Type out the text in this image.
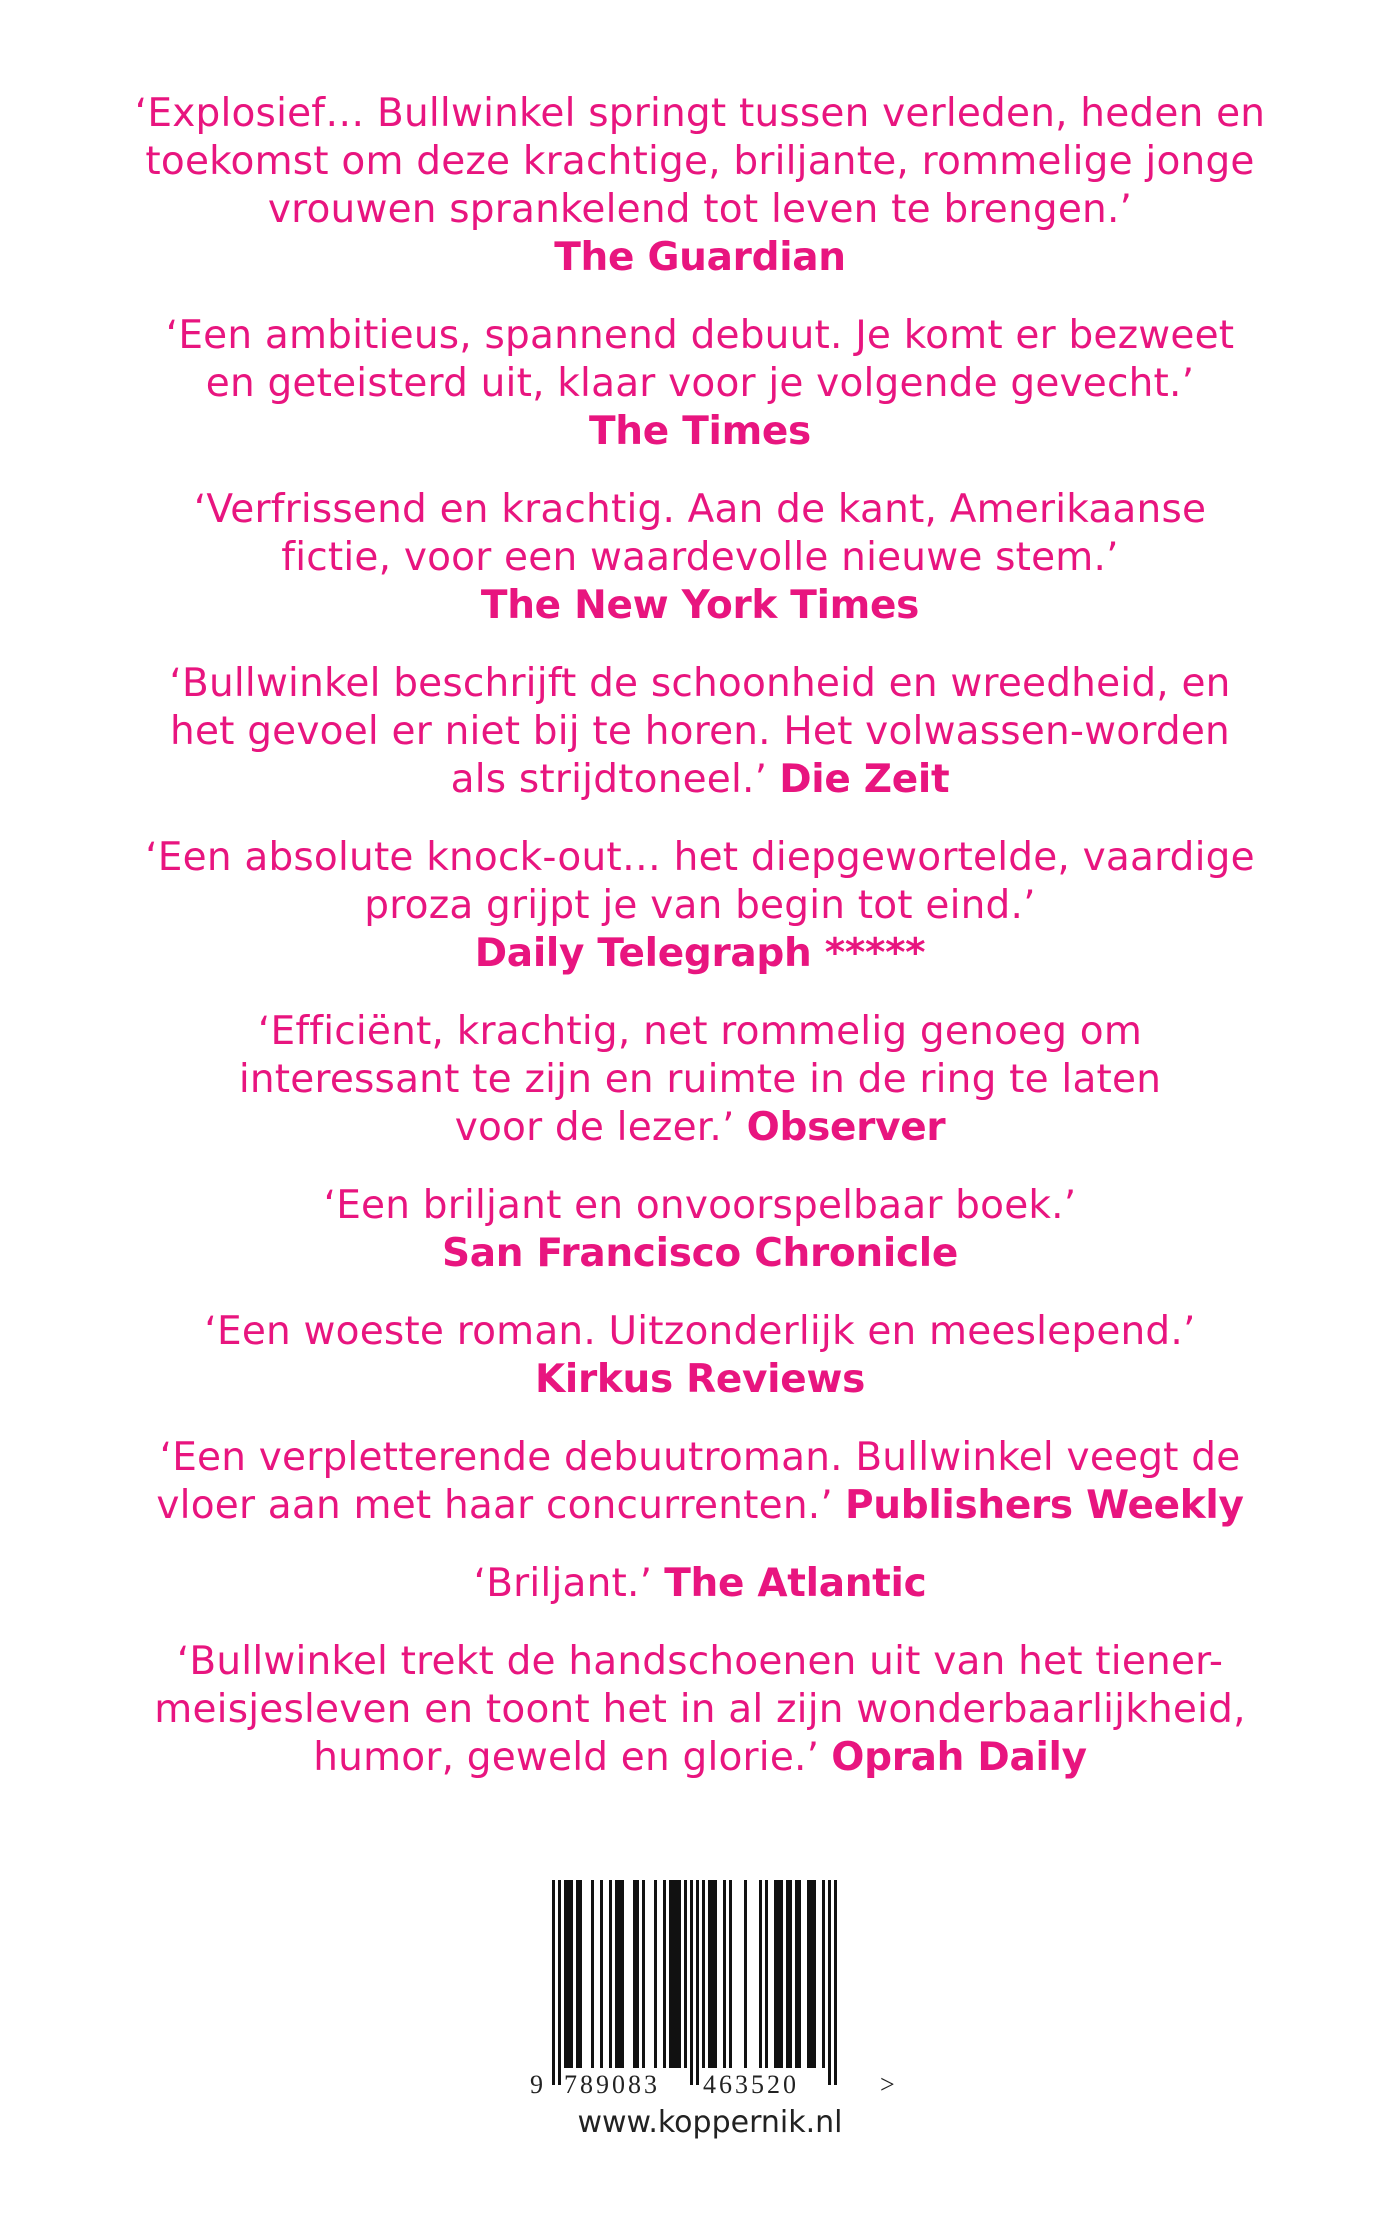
‘Explosief… Bullwinkel springt tussen verleden, heden en
toekomst om deze krachtige, briljante, rommelige jonge
vrouwen sprankelend tot leven te brengen.’
The Guardian
‘Een ambitieus, spannend debuut. Je komt er bezweet
en geteisterd uit, klaar voor je volgende gevecht.’
The Times
‘Verfrissend en krachtig. Aan de kant, Amerikaanse
fictie, voor een waardevolle nieuwe stem.’
The New York Times
‘Bullwinkel beschrijft de schoonheid en wreedheid, en
het gevoel er niet bij te horen. Het volwassen-worden
als strijdtoneel.’ Die Zeit
‘Een absolute knock-out… het diepgewortelde, vaardige
proza grijpt je van begin tot eind.’
Daily Telegraph *****
‘Efficiënt, krachtig, net rommelig genoeg om
interessant te zijn en ruimte in de ring te laten
voor de lezer.’ Observer
‘Een briljant en onvoorspelbaar boek.’
San Francisco Chronicle
‘Een woeste roman. Uitzonderlijk en meeslepend.’
Kirkus Reviews
‘Een verpletterende debuutroman. Bullwinkel veegt de
vloer aan met haar concurrenten.’ Publishers Weekly
‘Briljant.’ The Atlantic
‘Bullwinkel trekt de handschoenen uit van het tiener-
meisjesleven en toont het in al zijn wonderbaarlijkheid,
humor, geweld en glorie.’ Oprah Daily
9 789083 463520	>
www.koppernik.nl
